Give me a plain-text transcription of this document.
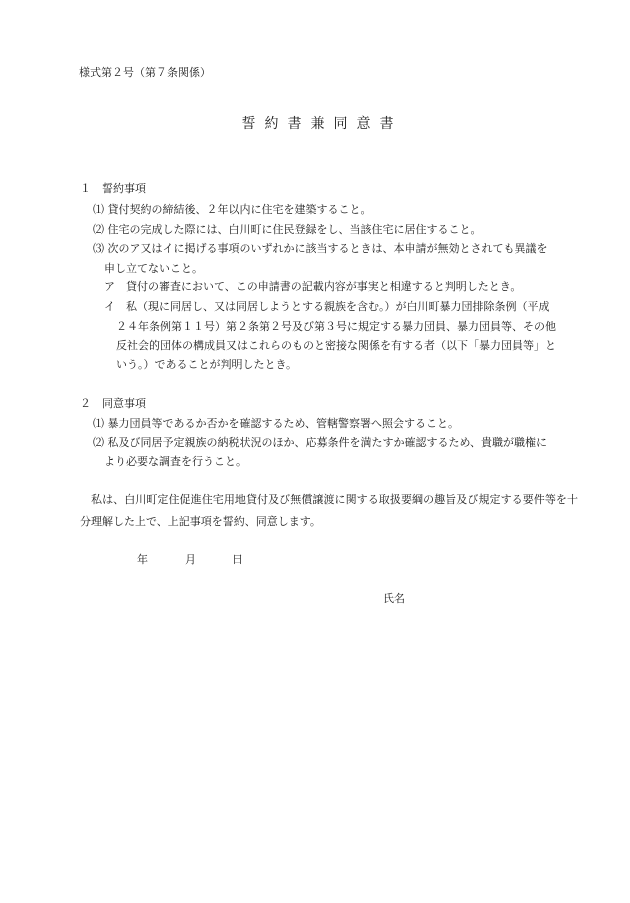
様式第２号（第７条関係）
誓約書兼同意書
１　誓約事項
⑴ 貸付契約の締結後、２年以内に住宅を建築すること。
⑵ 住宅の完成した際には、白川町に住民登録をし、当該住宅に居住すること。
⑶ 次のア又はイに掲げる事項のいずれかに該当するときは、本申請が無効とされても異議を
申し立てないこと。
ア　貸付の審査において、この申請書の記載内容が事実と相違すると判明したとき。
イ　私（現に同居し、又は同居しようとする親族を含む。）が白川町暴力団排除条例（平成
２４年条例第１１号）第２条第２号及び第３号に規定する暴力団員、暴力団員等、その他
反社会的団体の構成員又はこれらのものと密接な関係を有する者（以下「暴力団員等」と
いう。）であることが判明したとき。
２　同意事項
⑴ 暴力団員等であるか否かを確認するため、管轄警察署へ照会すること。
⑵ 私及び同居予定親族の納税状況のほか、応募条件を満たすか確認するため、貴職が職権に
より必要な調査を行うこと。
私は、白川町定住促進住宅用地貸付及び無償譲渡に関する取扱要綱の趣旨及び規定する要件等を十分理解した上で、上記事項を誓約、同意します。
年	月	日
氏名
